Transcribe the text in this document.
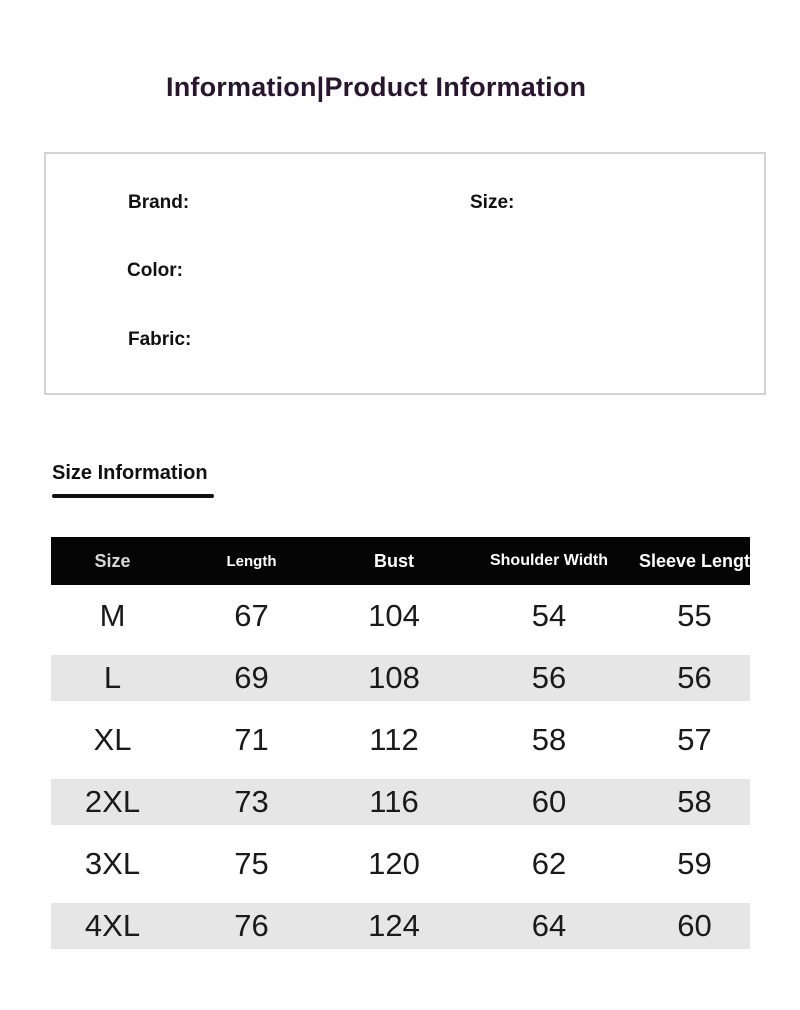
Information|Product Information
Brand:	Size:
Color:
Fabric:
Size Information
Size	Length	Bust	Shoulder Width	Sleeve Length
M	67	104	54	55
L	69	108	56	56
XL	71	112	58	57
2XL	73	116	60	58
3XL	75	120	62	59
4XL	76	124	64	60
